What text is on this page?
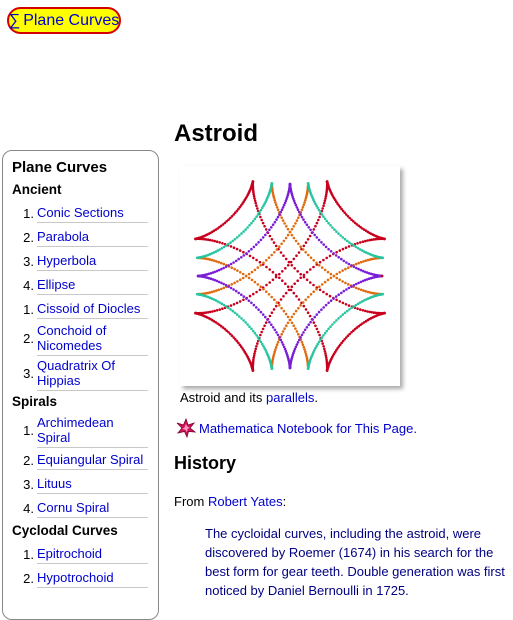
∑ Plane Curves
Plane Curves
Ancient
1. Conic Sections
2. Parabola
3. Hyperbola
4. Ellipse
1. Cissoid of Diocles
2.
Conchoid of Nicomedes
3.
Quadratrix Of Hippias
Spirals
1.
Archimedean Spiral
2. Equiangular Spiral
3. Lituus
4. Cornu Spiral
Cyclodal Curves
1. Epitrochoid
2. Hypotrochoid
Astroid
Astroid and its parallels.
Mathematica Notebook for This Page.
History
From Robert Yates:
The cycloidal curves, including the astroid, were discovered by Roemer (1674) in his search for the best form for gear teeth. Double generation was first noticed by Daniel Bernoulli in 1725.
